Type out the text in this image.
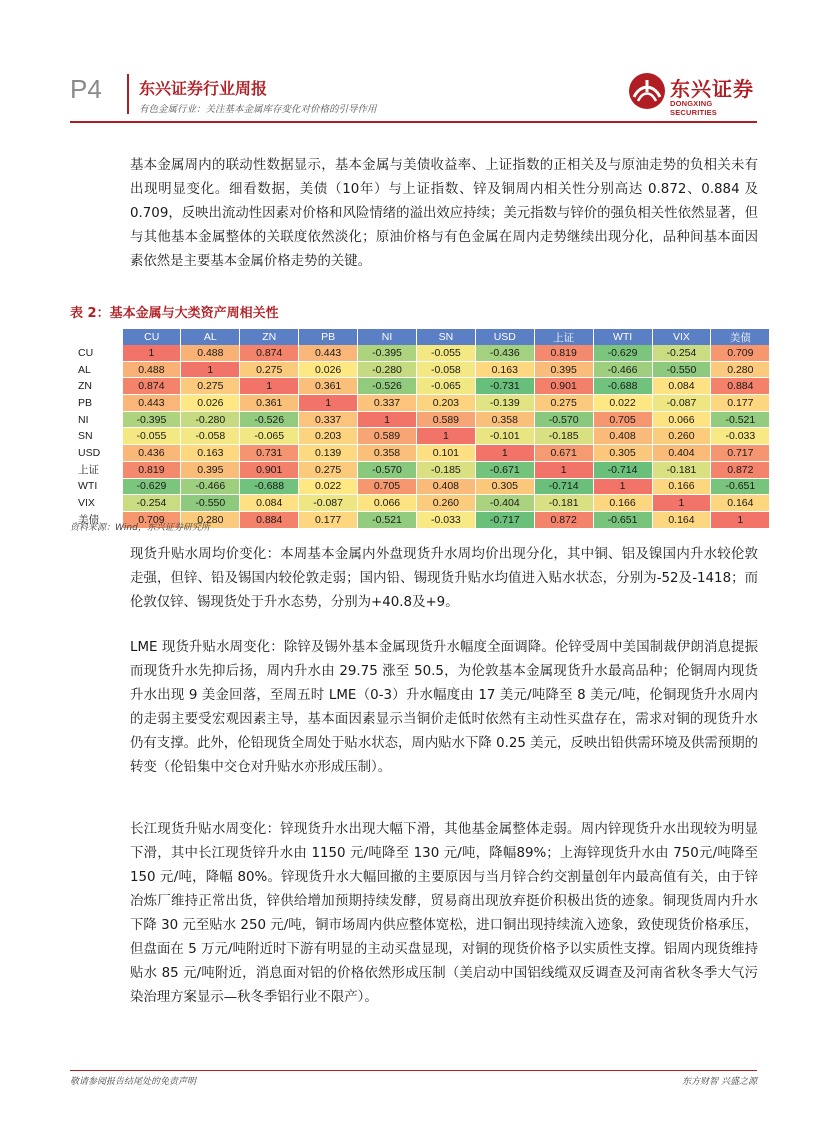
P4 东兴证券行业周报
有色金属行业：关注基本金属库存变化对价格的引导作用
东兴证券
DONGXING SECURITIES
基本金属周内的联动性数据显示，基本金属与美债收益率、上证指数的正相关及与原油走势的负相关未有出现明显变化。细看数据，美债（10年）与上证指数、锌及铜周内相关性分别高达 0.872、0.884 及 0.709，反映出流动性因素对价格和风险情绪的溢出效应持续；美元指数与锌价的强负相关性依然显著，但与其他基本金属整体的关联度依然淡化；原油价格与有色金属在周内走势继续出现分化，品种间基本面因素依然是主要基本金属价格走势的关键。
表 2：基本金属与大类资产周相关性
	CU	AL	ZN	PB	NI	SN	USD	上证	WTI	VIX	美债
CU	1	0.488	0.874	0.443	-0.395	-0.055	-0.436	0.819	-0.629	-0.254	0.709
AL	0.488	1	0.275	0.026	-0.280	-0.058	0.163	0.395	-0.466	-0.550	0.280
ZN	0.874	0.275	1	0.361	-0.526	-0.065	-0.731	0.901	-0.688	0.084	0.884
PB	0.443	0.026	0.361	1	0.337	0.203	-0.139	0.275	0.022	-0.087	0.177
NI	-0.395	-0.280	-0.526	0.337	1	0.589	0.358	-0.570	0.705	0.066	-0.521
SN	-0.055	-0.058	-0.065	0.203	0.589	1	-0.101	-0.185	0.408	0.260	-0.033
USD	0.436	0.163	0.731	0.139	0.358	0.101	1	0.671	0.305	0.404	0.717
上证	0.819	0.395	0.901	0.275	-0.570	-0.185	-0.671	1	-0.714	-0.181	0.872
WTI	-0.629	-0.466	-0.688	0.022	0.705	0.408	0.305	-0.714	1	0.166	-0.651
VIX	-0.254	-0.550	0.084	-0.087	0.066	0.260	-0.404	-0.181	0.166	1	0.164
美债	0.709	0.280	0.884	0.177	-0.521	-0.033	-0.717	0.872	-0.651	0.164	1
资料来源：Wind，东兴证券研究所
现货升贴水周均价变化：本周基本金属内外盘现货升水周均价出现分化，其中铜、铝及镍国内升水较伦敦走强，但锌、铅及锡国内较伦敦走弱；国内铅、锡现货升贴水均值进入贴水状态，分别为-52及-1418；而伦敦仅锌、锡现货处于升水态势，分别为+40.8及+9。
LME 现货升贴水周变化：除锌及锡外基本金属现货升水幅度全面调降。伦锌受周中美国制裁伊朗消息提振而现货升水先抑后扬，周内升水由 29.75 涨至 50.5，为伦敦基本金属现货升水最高品种；伦铜周内现货升水出现 9 美金回落，至周五时 LME（0-3）升水幅度由 17 美元/吨降至 8 美元/吨，伦铜现货升水周内的走弱主要受宏观因素主导，基本面因素显示当铜价走低时依然有主动性买盘存在，需求对铜的现货升水仍有支撑。此外，伦铅现货全周处于贴水状态，周内贴水下降 0.25 美元，反映出铅供需环境及供需预期的转变（伦铅集中交仓对升贴水亦形成压制）。
长江现货升贴水周变化：锌现货升水出现大幅下滑，其他基金属整体走弱。周内锌现货升水出现较为明显下滑，其中长江现货锌升水由 1150 元/吨降至 130 元/吨，降幅89%；上海锌现货升水由 750元/吨降至 150 元/吨，降幅 80%。锌现货升水大幅回撤的主要原因与当月锌合约交割量创年内最高值有关，由于锌冶炼厂维持正常出货，锌供给增加预期持续发酵，贸易商出现放弃挺价积极出货的迹象。铜现货周内升水下降 30 元至贴水 250 元/吨，铜市场周内供应整体宽松，进口铜出现持续流入迹象，致使现货价格承压，但盘面在 5 万元/吨附近时下游有明显的主动买盘显现，对铜的现货价格予以实质性支撑。铝周内现货维持贴水 85 元/吨附近，消息面对铝的价格依然形成压制（美启动中国铝线缆双反调查及河南省秋冬季大气污染治理方案显示—秋冬季铝行业不限产）。
敬请参阅报告结尾处的免责声明	东方财智 兴盛之源
